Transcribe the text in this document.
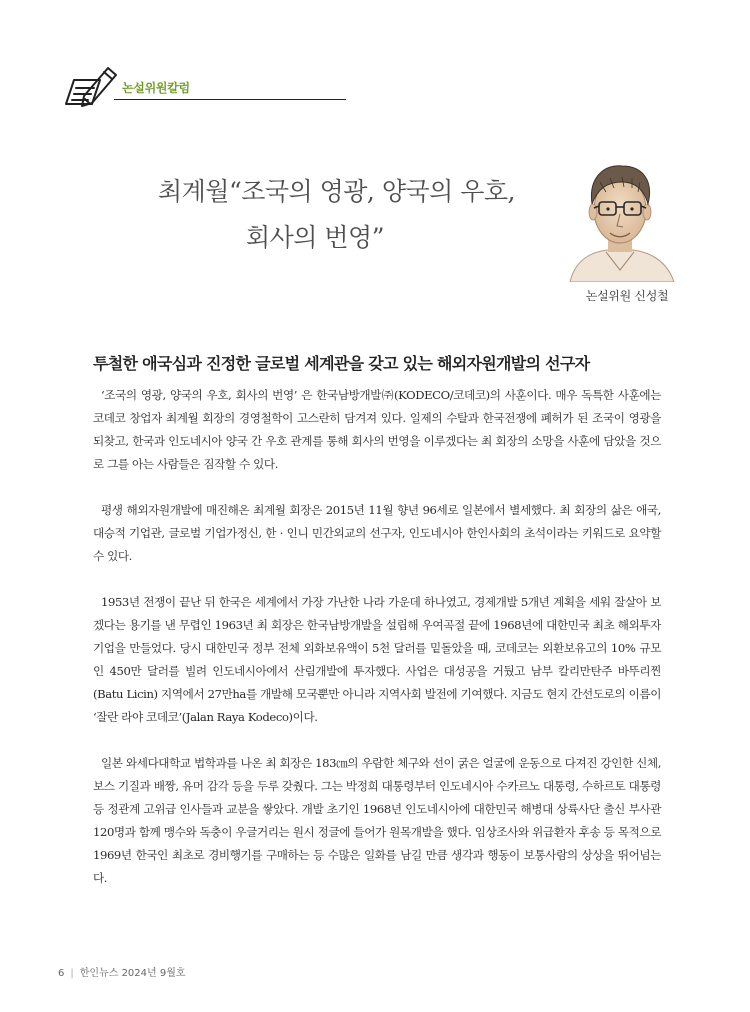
논설위원칼럼
최계월“조국의 영광, 양국의 우호,
회사의 번영”
논설위원 신성철
투철한 애국심과 진정한 글로벌 세계관을 갖고 있는 해외자원개발의 선구자

‘조국의 영광, 양국의 우호, 회사의 번영’ 은 한국남방개발㈜(KODECO/코데코)의 사훈이다. 매우 독특한 사훈에는 코데코 창업자 최계월 회장의 경영철학이 고스란히 담겨져 있다. 일제의 수탈과 한국전쟁에 폐허가 된 조국이 영광을 되찾고, 한국과 인도네시아 양국 간 우호 관계를 통해 회사의 번영을 이루겠다는 최 회장의 소망을 사훈에 담았을 것으로 그를 아는 사람들은 짐작할 수 있다.

평생 해외자원개발에 매진해온 최계월 회장은 2015년 11월 향년 96세로 일본에서 별세했다. 최 회장의 삶은 애국, 대승적 기업관, 글로벌 기업가정신, 한 · 인니 민간외교의 선구자, 인도네시아 한인사회의 초석이라는 키워드로 요약할 수 있다.

1953년 전쟁이 끝난 뒤 한국은 세계에서 가장 가난한 나라 가운데 하나였고, 경제개발 5개년 계획을 세워 잘살아 보겠다는 용기를 낸 무렵인 1963년 최 회장은 한국남방개발을 설립해 우여곡절 끝에 1968년에 대한민국 최초 해외투자 기업을 만들었다. 당시 대한민국 정부 전체 외화보유액이 5천 달러를 밑돌았을 때, 코데코는 외환보유고의 10% 규모인 450만 달러를 빌려 인도네시아에서 산림개발에 투자했다. 사업은 대성공을 거뒀고 남부 칼리만탄주 바뚜리찐(Batu Licin) 지역에서 27만ha를 개발해 모국뿐만 아니라 지역사회 발전에 기여했다. 지금도 현지 간선도로의 이름이 ‘잘란 라야 코데코’(Jalan Raya Kodeco)이다.

일본 와세다대학교 법학과를 나온 최 회장은 183㎝의 우람한 체구와 선이 굵은 얼굴에 운동으로 다져진 강인한 신체, 보스 기질과 배짱, 유머 감각 등을 두루 갖췄다. 그는 박정희 대통령부터 인도네시아 수카르노 대통령, 수하르토 대통령 등 정관계 고위급 인사들과 교분을 쌓았다. 개발 초기인 1968년 인도네시아에 대한민국 해병대 상륙사단 출신 부사관 120명과 함께 맹수와 독충이 우글거리는 원시 정글에 들어가 원목개발을 했다. 임상조사와 위급환자 후송 등 목적으로 1969년 한국인 최초로 경비행기를 구매하는 등 수많은 일화를 남길 만큼 생각과 행동이 보통사람의 상상을 뛰어넘는다.

6 | 한인뉴스 2024년 9월호
